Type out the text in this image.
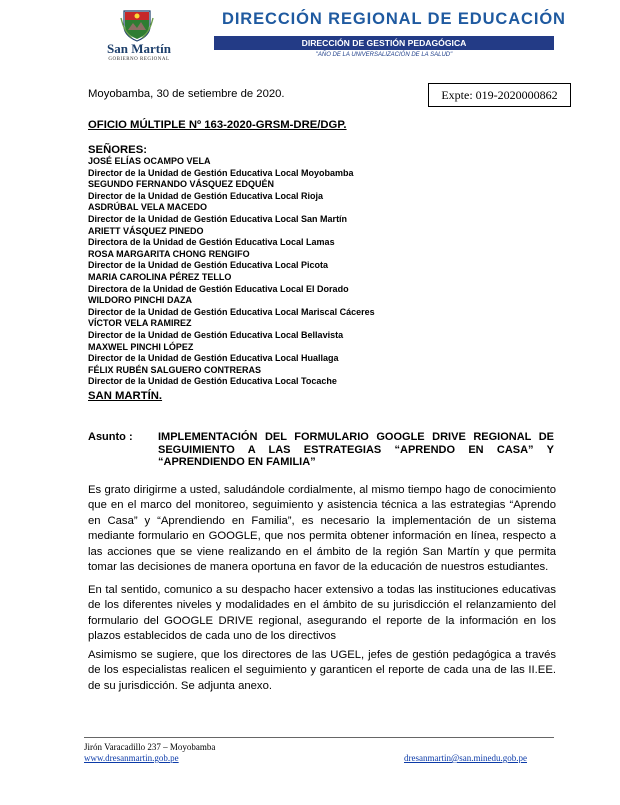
San Martín
GOBIERNO REGIONAL
DIRECCIÓN REGIONAL DE EDUCACIÓN
DIRECCIÓN DE GESTIÓN PEDAGÓGICA
"AÑO DE LA UNIVERSALIZACIÓN DE LA SALUD"
Moyobamba, 30 de setiembre de 2020.	Expte: 019-2020000862
OFICIO MÚLTIPLE Nº 163-2020-GRSM-DRE/DGP.
SEÑORES:
JOSÉ ELÍAS OCAMPO VELA
Director de la Unidad de Gestión Educativa Local Moyobamba
SEGUNDO FERNANDO VÁSQUEZ EDQUÉN
Director de la Unidad de Gestión Educativa Local Rioja
ASDRÚBAL VELA MACEDO
Director de la Unidad de Gestión Educativa Local San Martín
ARIETT VÁSQUEZ PINEDO
Directora de la Unidad de Gestión Educativa Local Lamas
ROSA MARGARITA CHONG RENGIFO
Director de la Unidad de Gestión Educativa Local Picota
MARIA CAROLINA PÉREZ TELLO
Directora de la Unidad de Gestión Educativa Local El Dorado
WILDORO PINCHI DAZA
Director de la Unidad de Gestión Educativa Local Mariscal Cáceres
VÍCTOR VELA RAMIREZ
Director de la Unidad de Gestión Educativa Local Bellavista
MAXWEL PINCHI LÓPEZ
Director de la Unidad de Gestión Educativa Local Huallaga
FÉLIX RUBÉN SALGUERO CONTRERAS
Director de la Unidad de Gestión Educativa Local Tocache
SAN MARTÍN.
Asunto : IMPLEMENTACIÓN DEL FORMULARIO GOOGLE DRIVE REGIONAL DE SEGUIMIENTO A LAS ESTRATEGIAS “APRENDO EN CASA” Y “APRENDIENDO EN FAMILIA”
Es grato dirigirme a usted, saludándole cordialmente, al mismo tiempo hago de conocimiento que en el marco del monitoreo, seguimiento y asistencia técnica a las estrategias “Aprendo en Casa” y “Aprendiendo en Familia”, es necesario la implementación de un sistema mediante formulario en GOOGLE, que nos permita obtener información en línea, respecto a las acciones que se viene realizando en el ámbito de la región San Martín y que permita tomar las decisiones de manera oportuna en favor de la educación de nuestros estudiantes.
En tal sentido, comunico a su despacho hacer extensivo a todas las instituciones educativas de los diferentes niveles y modalidades en el ámbito de su jurisdicción el relanzamiento del formulario del GOOGLE DRIVE regional, asegurando el reporte de la información en los plazos establecidos de cada uno de los directivos
Asimismo se sugiere, que los directores de las UGEL, jefes de gestión pedagógica a través de los especialistas realicen el seguimiento y garanticen el reporte de cada una de las II.EE. de su jurisdicción. Se adjunta anexo.
Jirón Varacadillo 237 – Moyobamba
www.dresanmartin.gob.pe	dresanmartin@san.minedu.gob.pe
